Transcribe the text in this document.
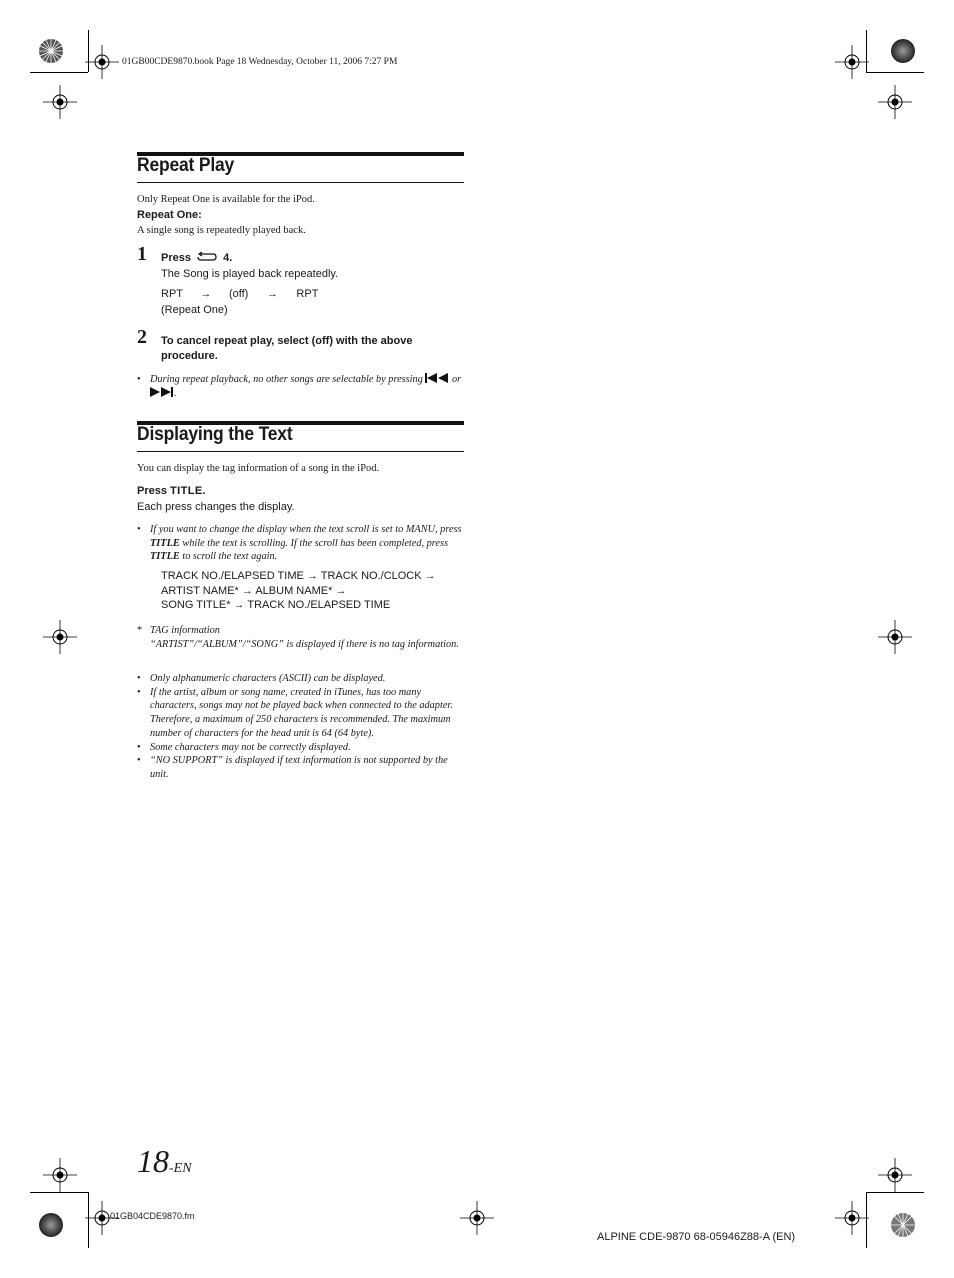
01GB00CDE9870.book Page 18 Wednesday, October 11, 2006 7:27 PM
Repeat Play
Only Repeat One is available for the iPod.
Repeat One:
A single song is repeatedly played back.
1 Press	4.
The Song is played back repeatedly.
RPT → (off) → RPT
(Repeat One)
2 To cancel repeat play, select (off) with the above procedure.
• During repeat playback, no other songs are selectable by pressing	or .
Displaying the Text
You can display the tag information of a song in the iPod.
Press TITLE.
Each press changes the display.
• If you want to change the display when the text scroll is set to MANU, press TITLE while the text is scrolling. If the scroll has been completed, press TITLE to scroll the text again.
TRACK NO./ELAPSED TIME → TRACK NO./CLOCK →
ARTIST NAME* → ALBUM NAME* →
SONG TITLE* → TRACK NO./ELAPSED TIME
* TAG information
“ARTIST”/“ALBUM”/“SONG” is displayed if there is no tag information.
• Only alphanumeric characters (ASCII) can be displayed.
• If the artist, album or song name, created in iTunes, has too many characters, songs may not be played back when connected to the adapter. Therefore, a maximum of 250 characters is recommended. The maximum number of characters for the head unit is 64 (64 byte).
• Some characters may not be correctly displayed.
• “NO SUPPORT” is displayed if text information is not supported by the unit.
18-EN
01GB04CDE9870.fm
ALPINE CDE-9870 68-05946Z88-A (EN)
